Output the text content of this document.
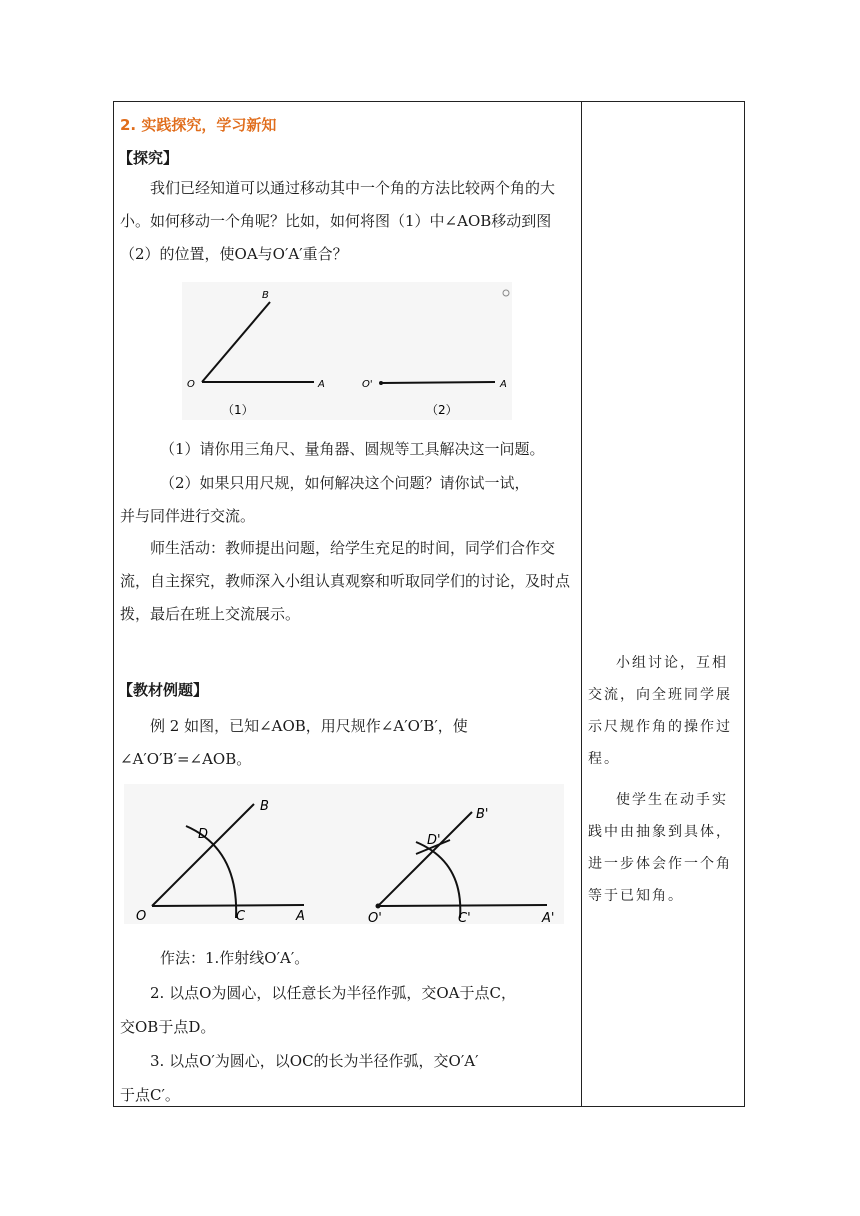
2. 实践探究，学习新知
【探究】
我们已经知道可以通过移动其中一个角的方法比较两个角的大小。如何移动一个角呢？比如，如何将图（1）中∠AOB移动到图（2）的位置，使OA与O′A′重合？
B
O	A
（1）
O'	A
（2）
（1）请你用三角尺、量角器、圆规等工具解决这一问题。
（2）如果只用尺规，如何解决这个问题？请你试一试，
并与同伴进行交流。
师生活动：教师提出问题，给学生充足的时间，同学们合作交流，自主探究，教师深入小组认真观察和听取同学们的讨论，及时点拨，最后在班上交流展示。
【教材例题】
例 2 如图，已知∠AOB，用尺规作∠A′O′B′，使∠A′O′B′=∠AOB。
B
D
O	C	A
B'
D'
O'	C'	A'
作法：1.作射线O′A′。
2. 以点O为圆心，以任意长为半径作弧，交OA于点C，
交OB于点D。
3. 以点O′为圆心，以OC的长为半径作弧，交O′A′
于点C′。
小组讨论，互相交流，向全班同学展示尺规作角的操作过程。
使学生在动手实践中由抽象到具体，进一步体会作一个角等于已知角。
